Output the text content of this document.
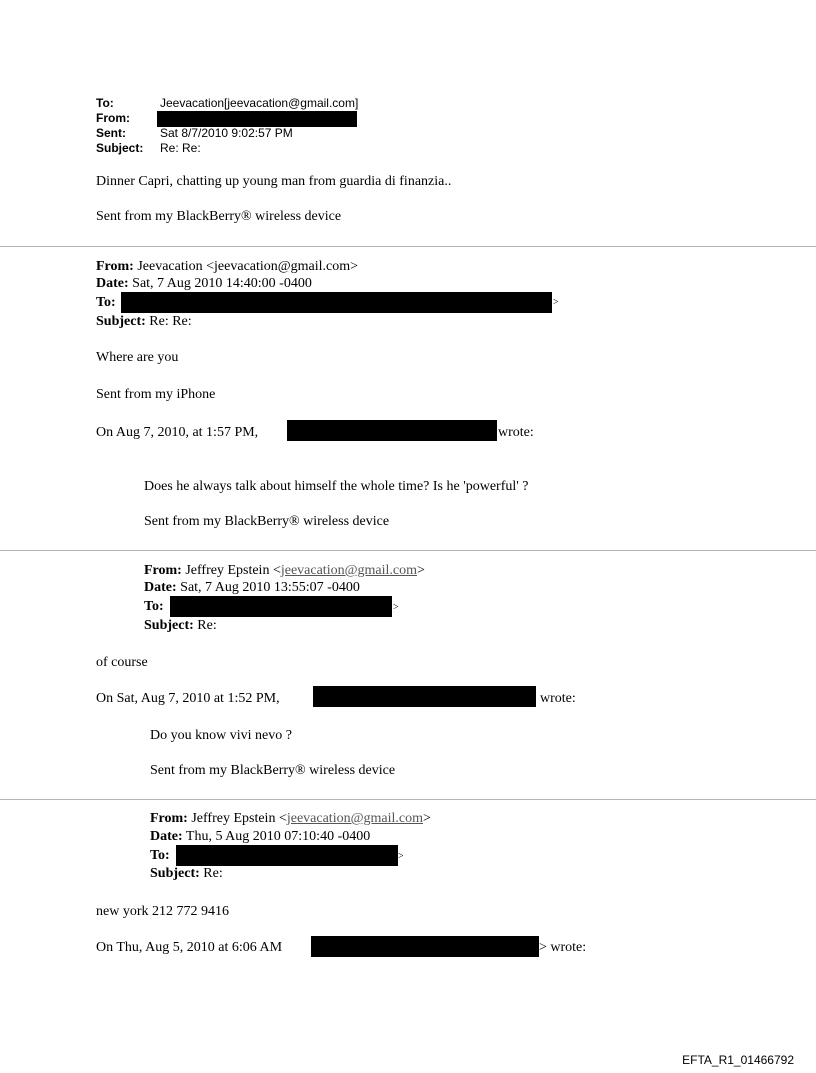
To:	Jeevacation[jeevacation@gmail.com]
From:
Sent:	Sat 8/7/2010 9:02:57 PM
Subject: Re: Re:
Dinner Capri, chatting up young man from guardia di finanzia..
Sent from my BlackBerry® wireless device
From: Jeevacation <jeevacation@gmail.com>
Date: Sat, 7 Aug 2010 14:40:00 -0400
To:	>
Subject: Re: Re:
Where are you
Sent from my iPhone
On Aug 7, 2010, at 1:57 PM,	wrote:
Does he always talk about himself the whole time? Is he 'powerful' ?
Sent from my BlackBerry® wireless device
From: Jeffrey Epstein <jeevacation@gmail.com>
Date: Sat, 7 Aug 2010 13:55:07 -0400
To:	>
Subject: Re:
of course
On Sat, Aug 7, 2010 at 1:52 PM,	wrote:
Do you know vivi nevo ?
Sent from my BlackBerry® wireless device
From: Jeffrey Epstein <jeevacation@gmail.com>
Date: Thu, 5 Aug 2010 07:10:40 -0400
To:	>
Subject: Re:
new york 212 772 9416
On Thu, Aug 5, 2010 at 6:06 AM	> wrote:
EFTA_R1_01466792
